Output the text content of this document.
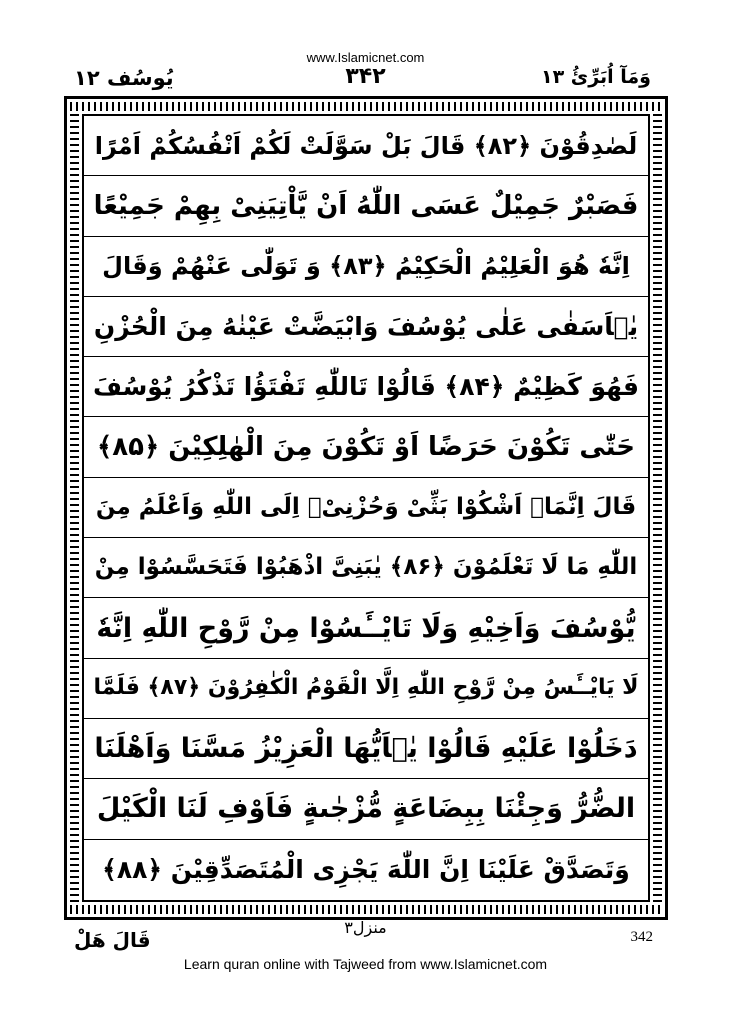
www.Islamicnet.com
یُوسُف ۱۲	۳۴۲	وَمَآ اُبَرِّئُ ۱۳
لَصٰدِقُوْنَ ﴿۸۲﴾ قَالَ بَلْ سَوَّلَتْ لَكُمْ اَنْفُسُكُمْ اَمْرًا
فَصَبْرٌ جَمِيْلٌ عَسَى اللّٰهُ اَنْ يَّاْتِيَنِیْ بِهِمْ جَمِيْعًا
اِنَّهٗ هُوَ الْعَلِيْمُ الْحَكِيْمُ ﴿۸۳﴾ وَ تَوَلّٰى عَنْهُمْ وَقَالَ
يٰۤاَسَفٰى عَلٰى يُوْسُفَ وَابْيَضَّتْ عَيْنٰهُ مِنَ الْحُزْنِ
فَهُوَ كَظِيْمٌ ﴿۸۴﴾ قَالُوْا تَاللّٰهِ تَفْتَؤُا تَذْكُرُ يُوْسُفَ
حَتّٰى تَكُوْنَ حَرَضًا اَوْ تَكُوْنَ مِنَ الْهٰلِكِيْنَ ﴿۸۵﴾
قَالَ اِنَّمَاۤ اَشْكُوْا بَثِّیْ وَحُزْنِیْۤ اِلَى اللّٰهِ وَاَعْلَمُ مِنَ
اللّٰهِ مَا لَا تَعْلَمُوْنَ ﴿۸۶﴾ يٰبَنِیَّ اذْهَبُوْا فَتَحَسَّسُوْا مِنْ
يُّوْسُفَ وَاَخِيْهِ وَلَا تَايْــَٔسُوْا مِنْ رَّوْحِ اللّٰهِ اِنَّهٗ
لَا يَايْــَٔسُ مِنْ رَّوْحِ اللّٰهِ اِلَّا الْقَوْمُ الْكٰفِرُوْنَ ﴿۸۷﴾ فَلَمَّا
دَخَلُوْا عَلَيْهِ قَالُوْا يٰۤاَيُّهَا الْعَزِيْزُ مَسَّنَا وَاَهْلَنَا
الضُّرُّ وَجِئْنَا بِبِضَاعَةٍ مُّزْجٰىةٍ فَاَوْفِ لَنَا الْكَيْلَ
وَتَصَدَّقْ عَلَيْنَا اِنَّ اللّٰهَ يَجْزِی الْمُتَصَدِّقِيْنَ ﴿۸۸﴾
قَالَ هَلْ
منزل۳	342
Learn quran online with Tajweed from www.Islamicnet.com
